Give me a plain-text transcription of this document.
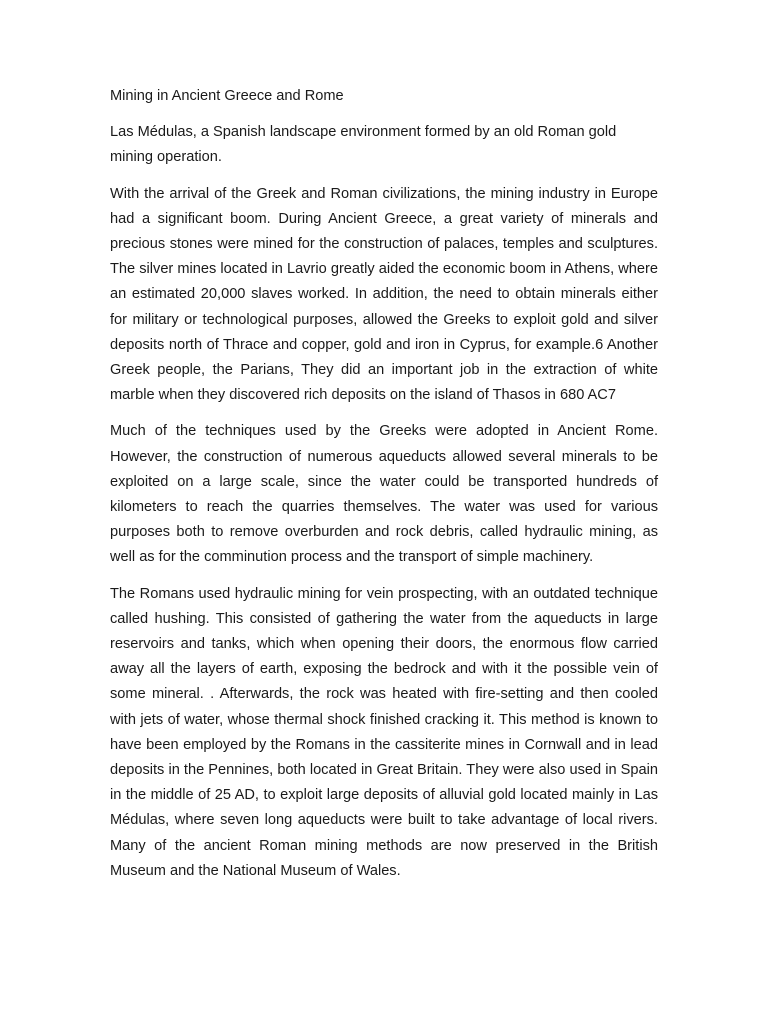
Mining in Ancient Greece and Rome

Las Médulas, a Spanish landscape environment formed by an old Roman gold mining operation.

With the arrival of the Greek and Roman civilizations, the mining industry in Europe had a significant boom. During Ancient Greece, a great variety of minerals and precious stones were mined for the construction of palaces, temples and sculptures. The silver mines located in Lavrio greatly aided the economic boom in Athens, where an estimated 20,000 slaves worked. In addition, the need to obtain minerals either for military or technological purposes, allowed the Greeks to exploit gold and silver deposits north of Thrace and copper, gold and iron in Cyprus, for example.6 Another Greek people, the Parians, They did an important job in the extraction of white marble when they discovered rich deposits on the island of Thasos in 680 AC7

Much of the techniques used by the Greeks were adopted in Ancient Rome. However, the construction of numerous aqueducts allowed several minerals to be exploited on a large scale, since the water could be transported hundreds of kilometers to reach the quarries themselves. The water was used for various purposes both to remove overburden and rock debris, called hydraulic mining, as well as for the comminution process and the transport of simple machinery.

The Romans used hydraulic mining for vein prospecting, with an outdated technique called hushing. This consisted of gathering the water from the aqueducts in large reservoirs and tanks, which when opening their doors, the enormous flow carried away all the layers of earth, exposing the bedrock and with it the possible vein of some mineral. . Afterwards, the rock was heated with fire-setting and then cooled with jets of water, whose thermal shock finished cracking it. This method is known to have been employed by the Romans in the cassiterite mines in Cornwall and in lead deposits in the Pennines, both located in Great Britain. They were also used in Spain in the middle of 25 AD, to exploit large deposits of alluvial gold located mainly in Las Médulas, where seven long aqueducts were built to take advantage of local rivers. Many of the ancient Roman mining methods are now preserved in the British Museum and the National Museum of Wales.
